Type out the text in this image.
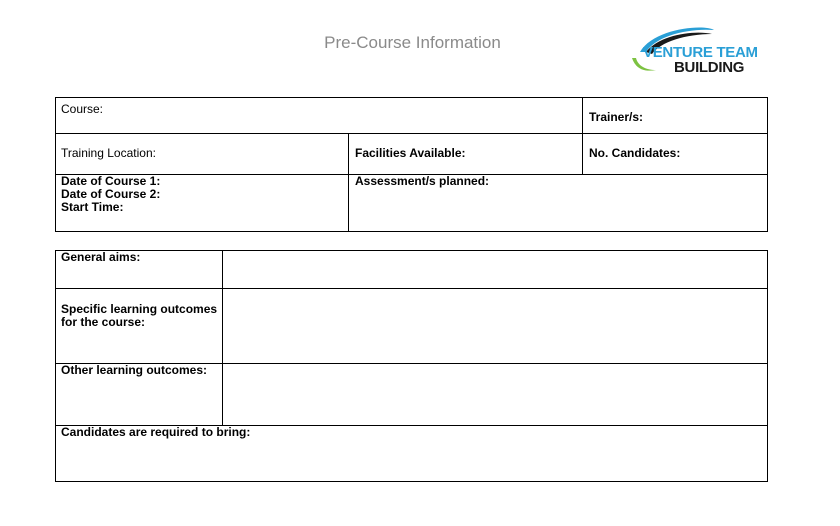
Pre-Course Information
VENTURE TEAM
BUILDING
Course:
Trainer/s:
Training Location:	Facilities Available:	No. Candidates:
Date of Course 1:
Date of Course 2:
Start Time:
Assessment/s planned:
General aims:
Specific learning outcomes
for the course:
Other learning outcomes:
Candidates are required to bring:
